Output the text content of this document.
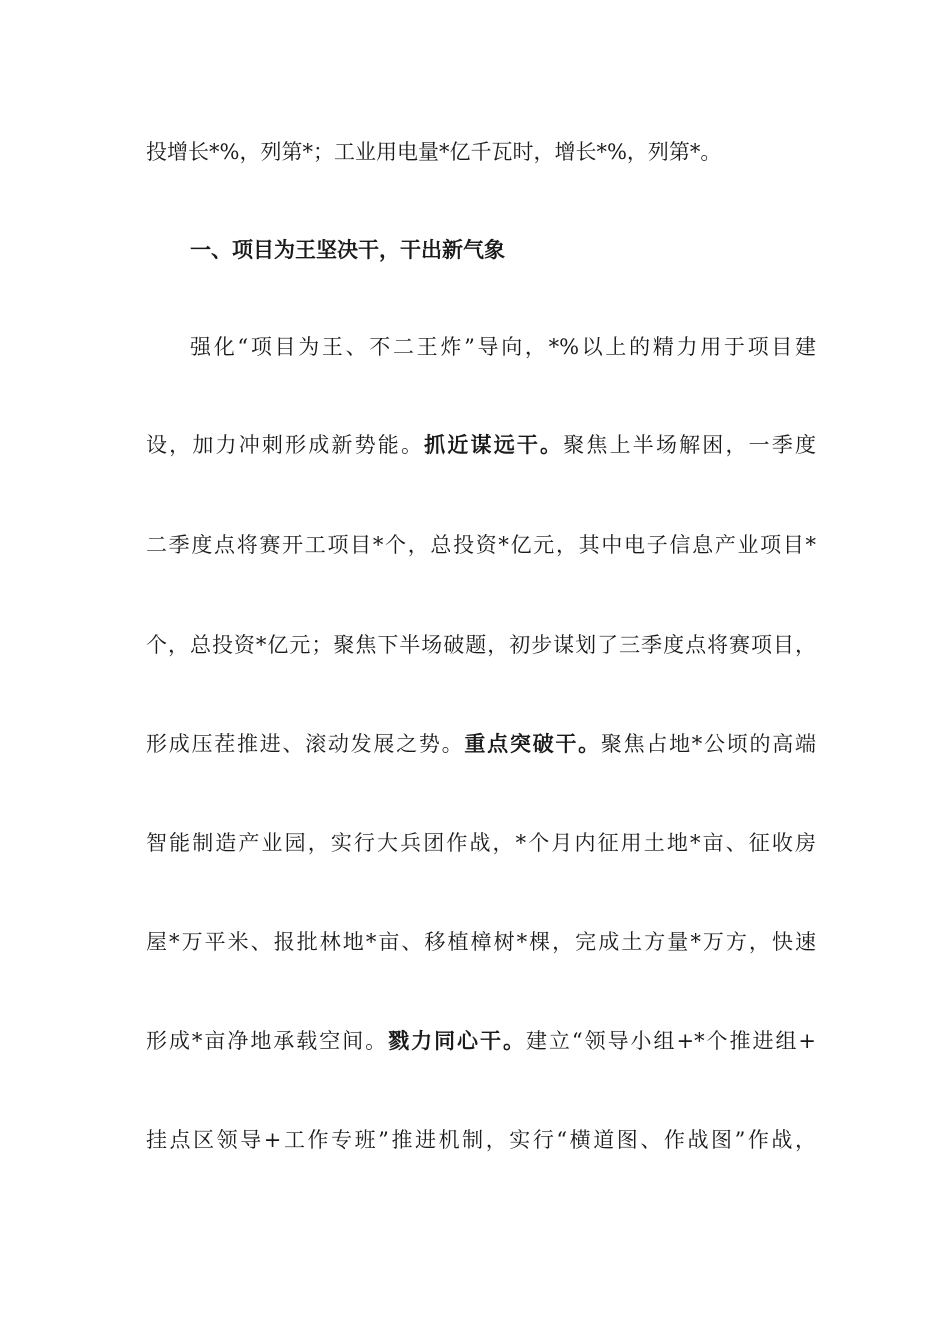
投增长*%，列第*；工业用电量*亿千瓦时，增长*%，列第*。
一、项目为王坚决干，干出新气象
强化“项目为王、不二王炸”导向，*%以上的精力用于项目建
设，加力冲刺形成新势能。抓近谋远干。聚焦上半场解困，一季度
二季度点将赛开工项目*个，总投资*亿元，其中电子信息产业项目*
个，总投资*亿元；聚焦下半场破题，初步谋划了三季度点将赛项目，
形成压茬推进、滚动发展之势。重点突破干。聚焦占地*公顷的高端
智能制造产业园，实行大兵团作战，*个月内征用土地*亩、征收房
屋*万平米、报批林地*亩、移植樟树*棵，完成土方量*万方，快速
形成*亩净地承载空间。戮力同心干。建立“领导小组+*个推进组+
挂点区领导+工作专班”推进机制，实行“横道图、作战图”作战，
